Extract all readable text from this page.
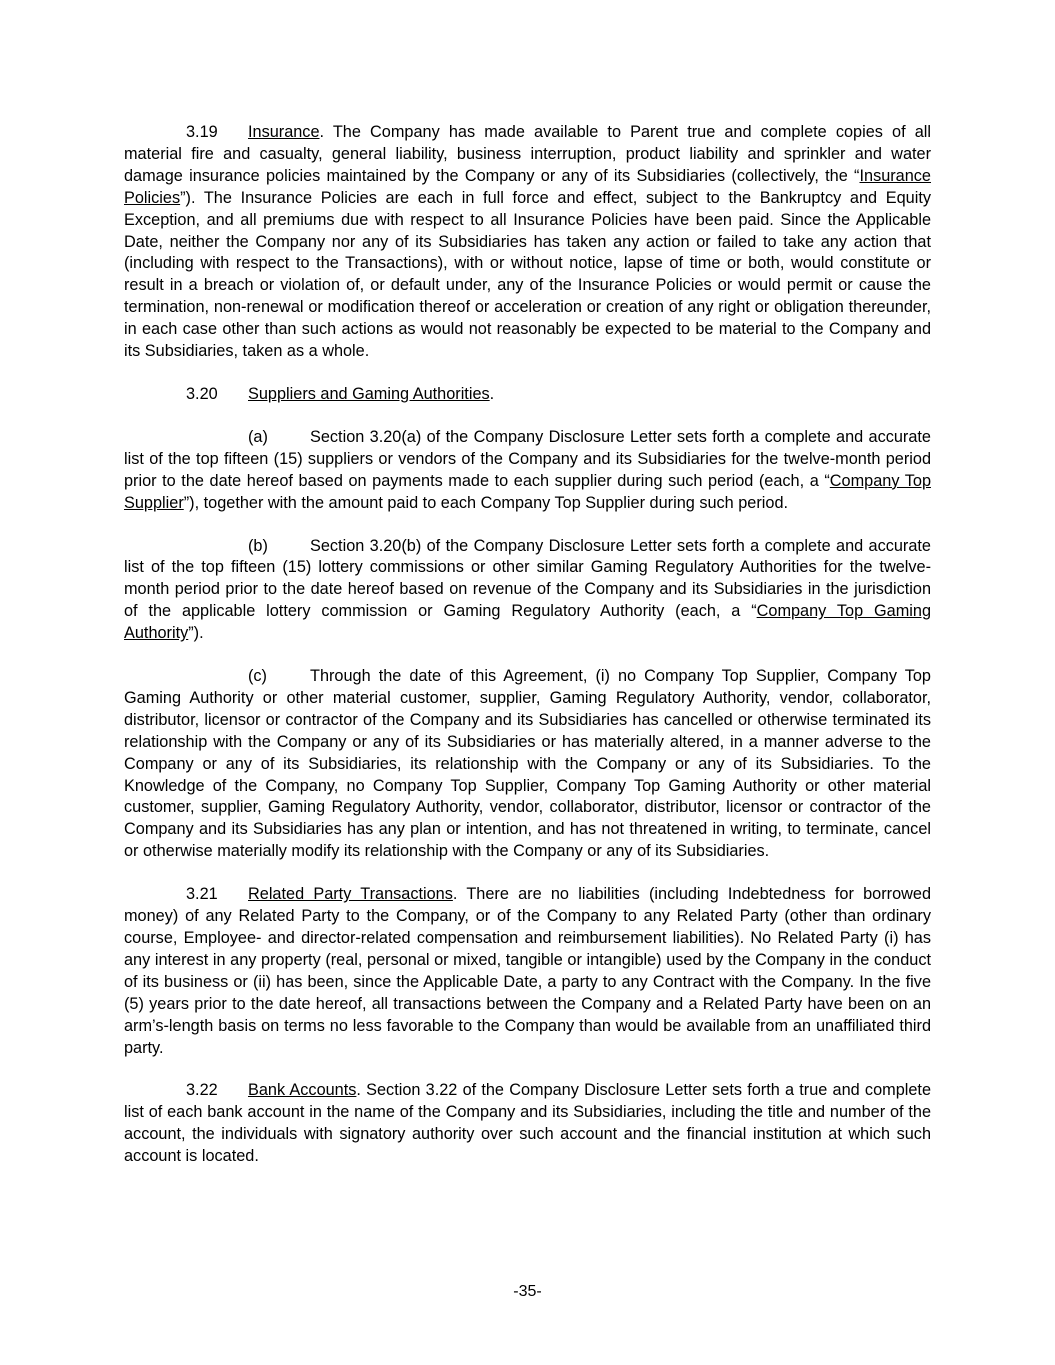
3.19 Insurance. The Company has made available to Parent true and complete copies of all material fire and casualty, general liability, business interruption, product liability and sprinkler and water damage insurance policies maintained by the Company or any of its Subsidiaries (collectively, the “Insurance Policies”). The Insurance Policies are each in full force and effect, subject to the Bankruptcy and Equity Exception, and all premiums due with respect to all Insurance Policies have been paid. Since the Applicable Date, neither the Company nor any of its Subsidiaries has taken any action or failed to take any action that (including with respect to the Transactions), with or without notice, lapse of time or both, would constitute or result in a breach or violation of, or default under, any of the Insurance Policies or would permit or cause the termination, non-renewal or modification thereof or acceleration or creation of any right or obligation thereunder, in each case other than such actions as would not reasonably be expected to be material to the Company and its Subsidiaries, taken as a whole.

3.20 Suppliers and Gaming Authorities.

(a)	Section 3.20(a) of the Company Disclosure Letter sets forth a complete and accurate list of the top fifteen (15) suppliers or vendors of the Company and its Subsidiaries for the twelve-month period prior to the date hereof based on payments made to each supplier during such period (each, a “Company Top Supplier”), together with the amount paid to each Company Top Supplier during such period.

(b)	Section 3.20(b) of the Company Disclosure Letter sets forth a complete and accurate list of the top fifteen (15) lottery commissions or other similar Gaming Regulatory Authorities for the twelve-month period prior to the date hereof based on revenue of the Company and its Subsidiaries in the jurisdiction of the applicable lottery commission or Gaming Regulatory Authority (each, a “Company Top Gaming Authority”).

(c)	Through the date of this Agreement, (i) no Company Top Supplier, Company Top Gaming Authority or other material customer, supplier, Gaming Regulatory Authority, vendor, collaborator, distributor, licensor or contractor of the Company and its Subsidiaries has cancelled or otherwise terminated its relationship with the Company or any of its Subsidiaries or has materially altered, in a manner adverse to the Company or any of its Subsidiaries, its relationship with the Company or any of its Subsidiaries. To the Knowledge of the Company, no Company Top Supplier, Company Top Gaming Authority or other material customer, supplier, Gaming Regulatory Authority, vendor, collaborator, distributor, licensor or contractor of the Company and its Subsidiaries has any plan or intention, and has not threatened in writing, to terminate, cancel or otherwise materially modify its relationship with the Company or any of its Subsidiaries.

3.21 Related Party Transactions. There are no liabilities (including Indebtedness for borrowed money) of any Related Party to the Company, or of the Company to any Related Party (other than ordinary course, Employee- and director-related compensation and reimbursement liabilities). No Related Party (i) has any interest in any property (real, personal or mixed, tangible or intangible) used by the Company in the conduct of its business or (ii) has been, since the Applicable Date, a party to any Contract with the Company. In the five (5) years prior to the date hereof, all transactions between the Company and a Related Party have been on an arm’s-length basis on terms no less favorable to the Company than would be available from an unaffiliated third party.

3.22 Bank Accounts. Section 3.22 of the Company Disclosure Letter sets forth a true and complete list of each bank account in the name of the Company and its Subsidiaries, including the title and number of the account, the individuals with signatory authority over such account and the financial institution at which such account is located.

-35-
